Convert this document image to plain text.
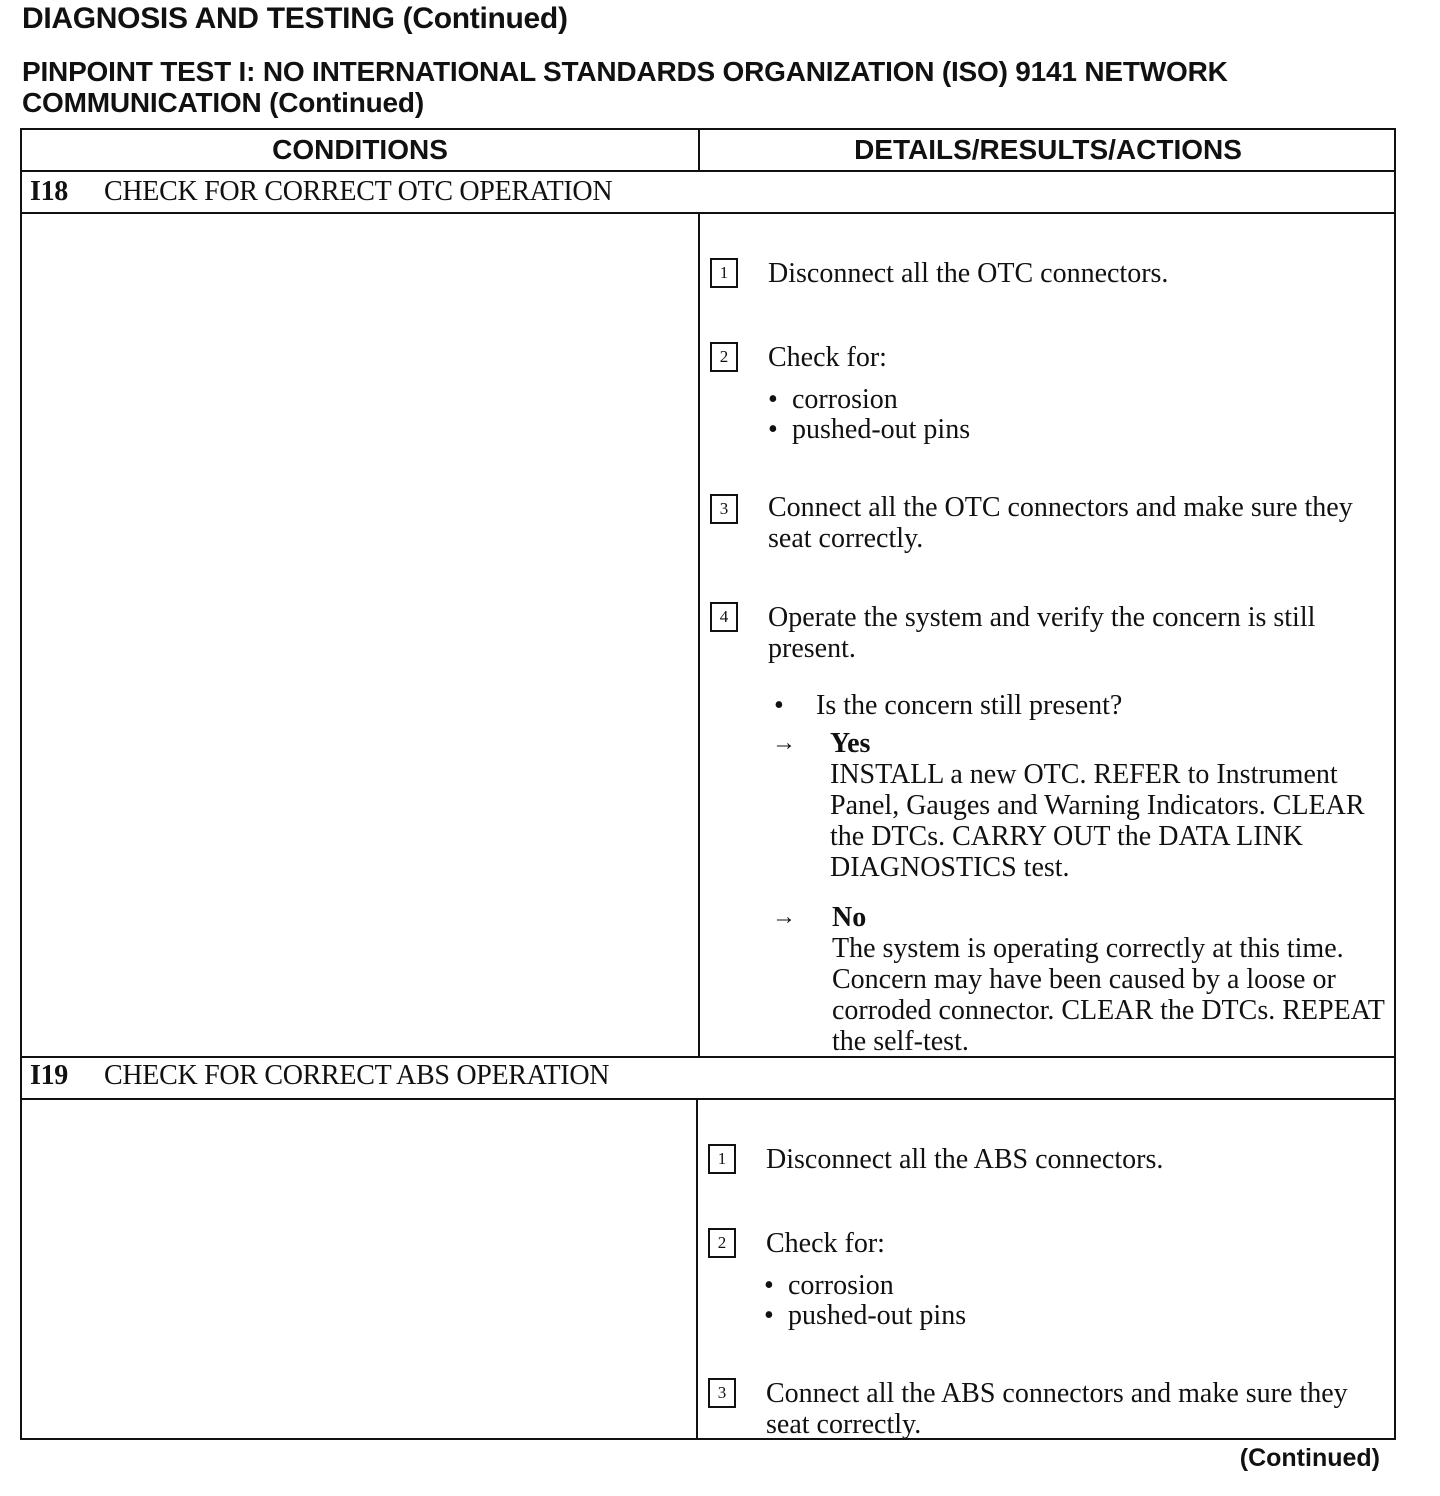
DIAGNOSIS AND TESTING (Continued)
PINPOINT TEST I: NO INTERNATIONAL STANDARDS ORGANIZATION (ISO) 9141 NETWORK COMMUNICATION (Continued)
CONDITIONS	DETAILS/RESULTS/ACTIONS
I18 CHECK FOR CORRECT OTC OPERATION
1	Disconnect all the OTC connectors.
2	Check for:
• corrosion
• pushed-out pins
3	Connect all the OTC connectors and make sure they seat correctly.
4	Operate the system and verify the concern is still present.
• Is the concern still present?
→ Yes
INSTALL a new OTC. REFER to Instrument Panel, Gauges and Warning Indicators. CLEAR the DTCs. CARRY OUT the DATA LINK DIAGNOSTICS test.
→ No
The system is operating correctly at this time. Concern may have been caused by a loose or corroded connector. CLEAR the DTCs. REPEAT the self-test.
I19 CHECK FOR CORRECT ABS OPERATION
1	Disconnect all the ABS connectors.
2	Check for:
• corrosion
• pushed-out pins
3	Connect all the ABS connectors and make sure they seat correctly.
(Continued)
